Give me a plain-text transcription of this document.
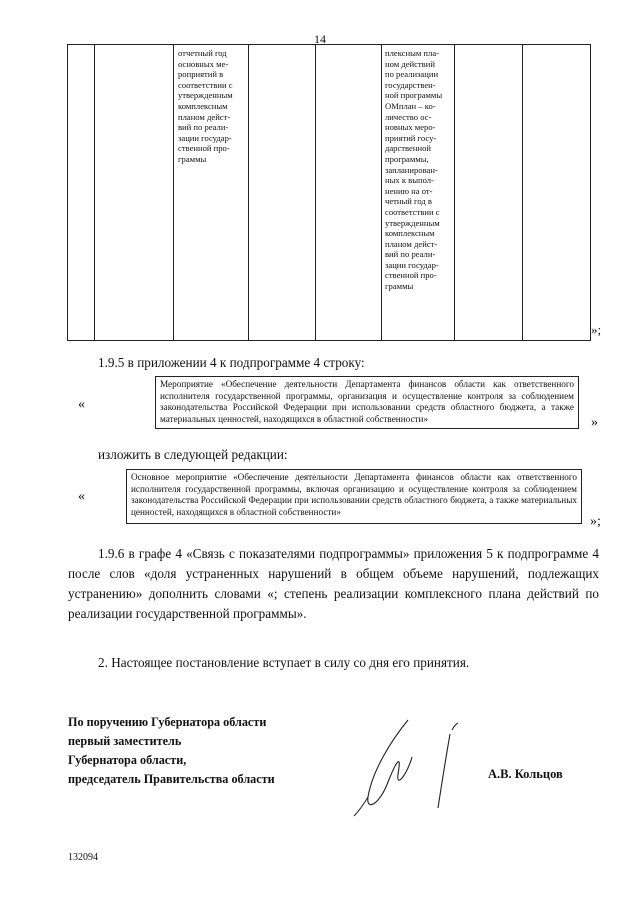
14
отчетный год
основных ме-
роприятий в
соответствии с
утвержденным
комплексным
планом дейст-
вий по реали-
зации государ-
ственной про-
граммы
плексным пла-
ном действий
по реализации
государствен-
ной программы
ОМплан – ко-
личество ос-
новных меро-
приятий госу-
дарственной
программы,
запланирован-
ных к выпол-
нению на от-
четный год в
соответствии с
утвержденным
комплексным
планом дейст-
вий по реали-
зации государ-
ственной про-
граммы
»;
1.9.5 в приложении 4 к подпрограмме 4 строку:
«
Мероприятие «Обеспечение деятельности Департамента финансов области как ответственного исполнителя государственной программы, организация и осуществление контроля за соблюдением законодательства Российской Федерации при использовании средств областного бюджета, а также материальных ценностей, находящихся в областной собственности»	»
изложить в следующей редакции:
«
Основное мероприятие «Обеспечение деятельности Департамента финансов области как ответственного исполнителя государственной программы, включая организацию и осуществление контроля за соблюдением законодательства Российской Федерации при использовании средств областного бюджета, а также материальных ценностей, находящихся в областной собственности»
»;
1.9.6 в графе 4 «Связь с показателями подпрограммы» приложения 5 к подпрограмме 4 после слов «доля устраненных нарушений в общем объеме нарушений, подлежащих устранению» дополнить словами «; степень реализации комплексного плана действий по реализации государственной программы».
2. Настоящее постановление вступает в силу со дня его принятия.
По поручению Губернатора области
первый заместитель
Губернатора области,
председатель Правительства области	А.В. Кольцов
132094
